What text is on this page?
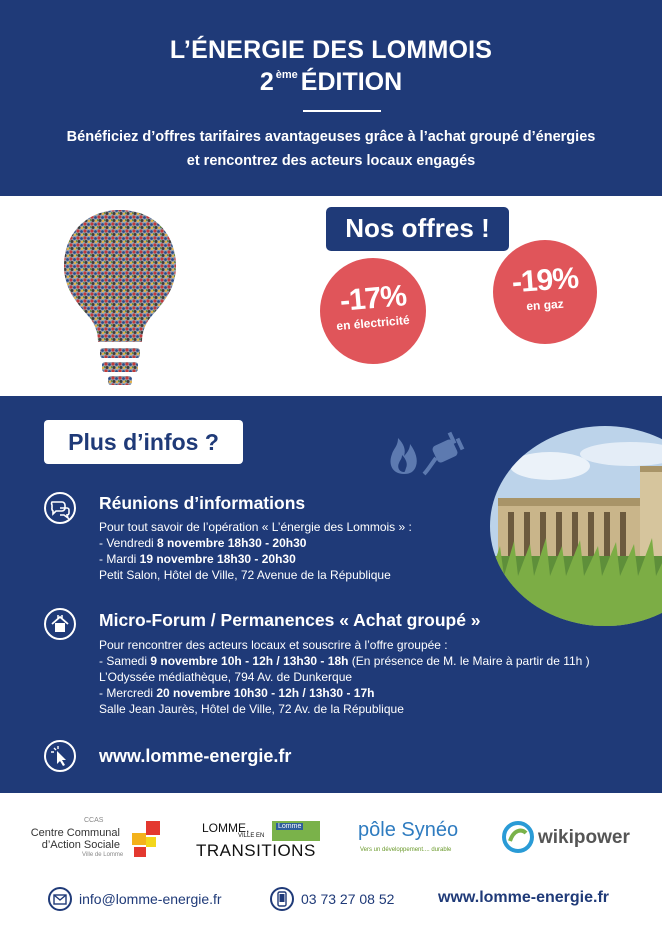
L’ÉNERGIE DES LOMMOIS
2 $^{ème}$ ÉDITION
Bénéficiez d’offres tarifaires avantageuses grâce à l’achat groupé d’énergies
et rencontrez des acteurs locaux engagés
Nos offres !
-17%
en électricité
-19%
en gaz
Plus d’infos ?
Réunions d’informations
Pour tout savoir de l’opération « L’énergie des Lommois » :
- Vendredi 8 novembre 18h30 - 20h30
- Mardi 19 novembre 18h30 - 20h30
Petit Salon, Hôtel de Ville, 72 Avenue de la République
Micro-Forum / Permanences « Achat groupé »
Pour rencontrer des acteurs locaux et souscrire à l’offre groupée :
- Samedi 9 novembre 10h - 12h / 13h30 - 18h (En présence de M. le Maire à partir de 11h )
L’Odyssée médiathèque, 794 Av. de Dunkerque
- Mercredi 20 novembre 10h30 - 12h / 13h30 - 17h
Salle Jean Jaurès, Hôtel de Ville, 72 Av. de la République
www.lomme-energie.fr
CCAS
Centre Communal
d’Action Sociale
Ville de Lomme
LOMME,
VILLE EN
TRANSITIONS
Lomme	pôle Synéo
Vers un développement.... durable
wikipower
info@lomme-energie.fr	03 73 27 08 52	www.lomme-energie.fr
